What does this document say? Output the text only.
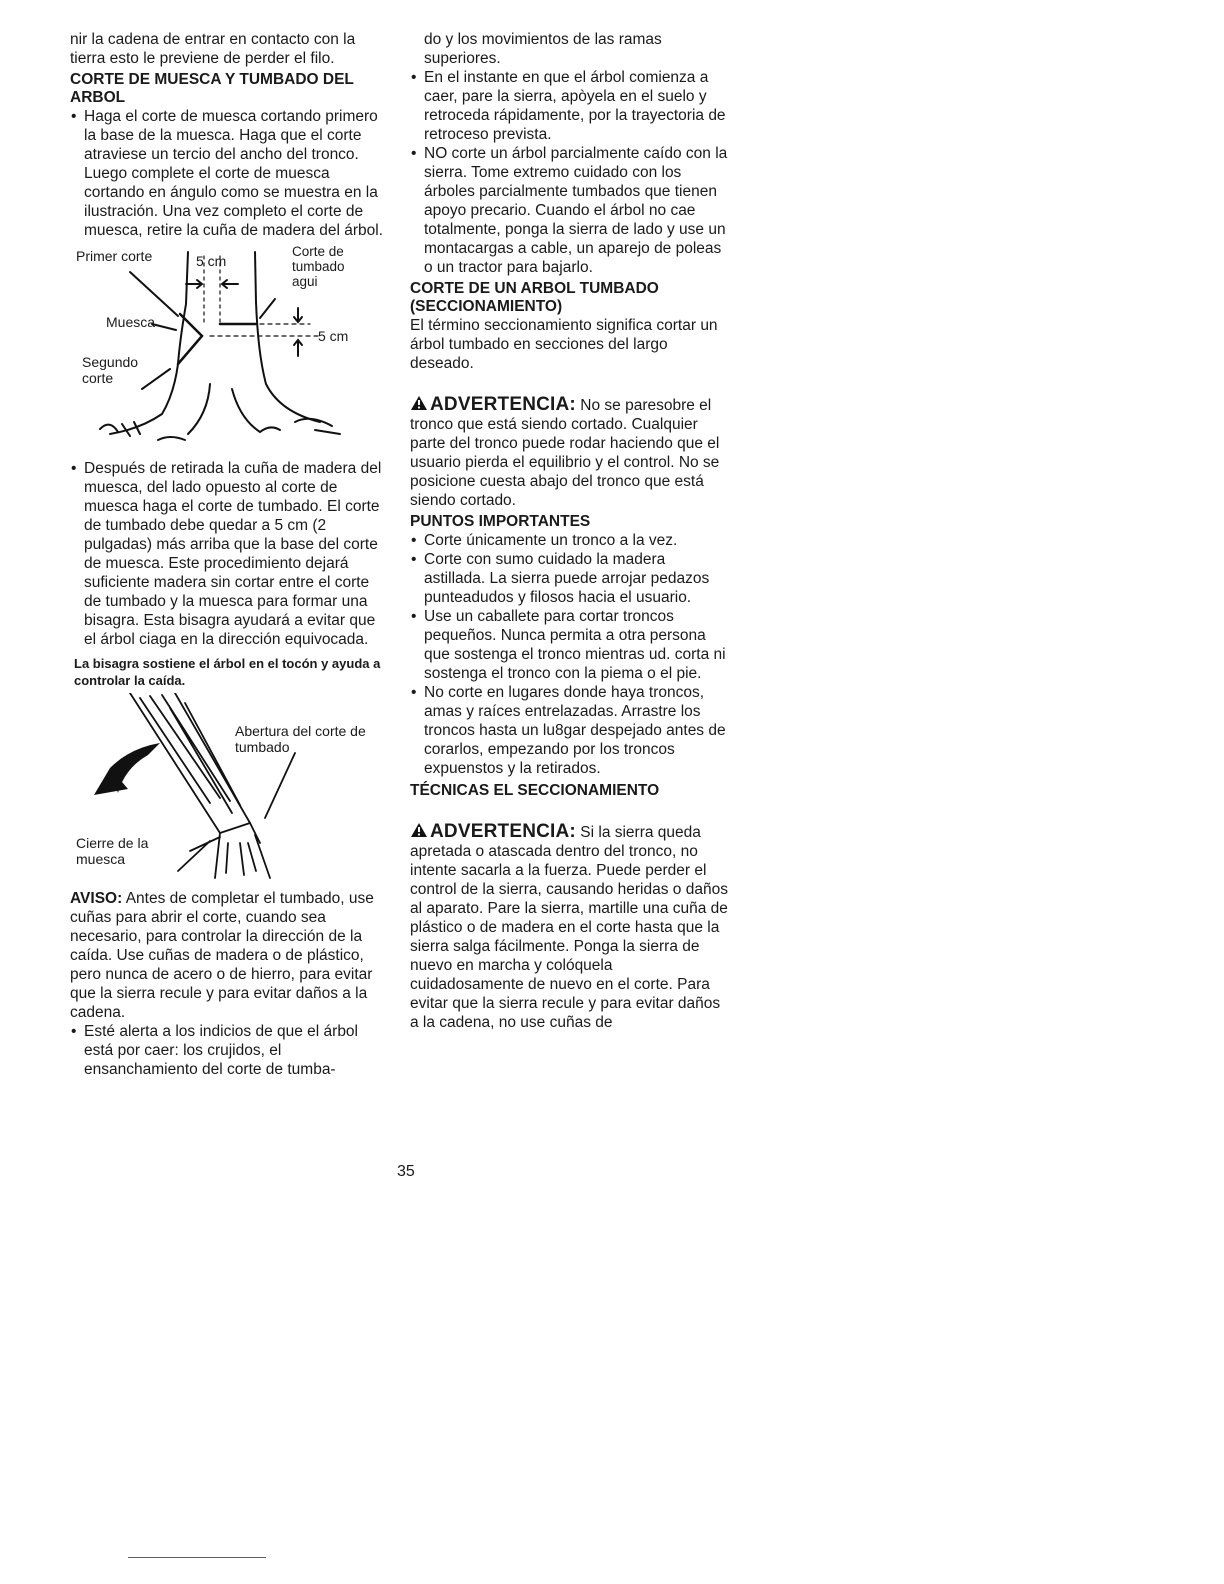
nir la cadena de entrar en contacto con la tierra esto le previene de perder el filo.

CORTE DE MUESCA Y TUMBADO DEL ARBOL
• Haga el corte de muesca cortando primero la base de la muesca. Haga que el corte atraviese un tercio del ancho del tronco. Luego complete el corte de muesca cortando en ángulo como se muestra en la ilustración. Una vez completo el corte de muesca, retire la cuña de madera del árbol.
Primer corte	5 cm
Corte de tumbado agui
Muesca
5 cm
Segundo corte
• Después de retirada la cuña de madera del muesca, del lado opuesto al corte de muesca haga el corte de tumbado. El corte de tumbado debe quedar a 5 cm (2 pulgadas) más arriba que la base del corte de muesca. Este procedimiento dejará suficiente madera sin cortar entre el corte de tumbado y la muesca para formar una bisagra. Esta bisagra ayudará a evitar que el árbol ciaga en la dirección equivocada.
La bisagra sostiene el árbol en el tocón y ayuda a controlar la caída.
Abertura del corte de tumbado
Cierre de la muesca

AVISO: Antes de completar el tumbado, use cuñas para abrir el corte, cuando sea necesario, para controlar la dirección de la caída. Use cuñas de madera o de plástico, pero nunca de acero o de hierro, para evitar que la sierra recule y para evitar daños a la cadena.

• Esté alerta a los indicios de que el árbol está por caer: los crujidos, el ensanchamiento del corte de tumba-

do y los movimientos de las ramas superiores.

• En el instante en que el árbol comienza a caer, pare la sierra, apòyela en el suelo y retroceda rápidamente, por la trayectoria de retroceso prevista.
• NO corte un árbol parcialmente caído con la sierra. Tome extremo cuidado con los árboles parcialmente tumbados que tienen apoyo precario. Cuando el árbol no cae totalmente, ponga la sierra de lado y use un montacargas a cable, un aparejo de poleas o un tractor para bajarlo.
CORTE DE UN ARBOL TUMBADO (SECCIONAMIENTO)

El término seccionamiento significa cortar un árbol tumbado en secciones del largo deseado.

ADVERTENCIA: No se paresobre el tronco que está siendo cortado. Cualquier parte del tronco puede rodar haciendo que el usuario pierda el equilibrio y el control. No se posicione cuesta abajo del tronco que está siendo cortado.

PUNTOS IMPORTANTES
• Corte únicamente un tronco a la vez.
• Corte con sumo cuidado la madera astillada. La sierra puede arrojar pedazos punteadudos y filosos hacia el usuario.
• Use un caballete para cortar troncos pequeños. Nunca permita a otra persona que sostenga el tronco mientras ud. corta ni sostenga el tronco con la piema o el pie.
• No corte en lugares donde haya troncos, amas y raíces entrelazadas. Arrastre los troncos hasta un lu8gar despejado antes de corarlos, empezando por los troncos expuenstos y la retirados.
TÉCNICAS EL SECCIONAMIENTO

ADVERTENCIA: Si la sierra queda apretada o atascada dentro del tronco, no intente sacarla a la fuerza. Puede perder el control de la sierra, causando heridas o daños al aparato. Pare la sierra, martille una cuña de plástico o de madera en el corte hasta que la sierra salga fácilmente. Ponga la sierra de nuevo en marcha y colóquela cuidadosamente de nuevo en el corte. Para evitar que la sierra recule y para evitar daños a la cadena, no use cuñas de

35
